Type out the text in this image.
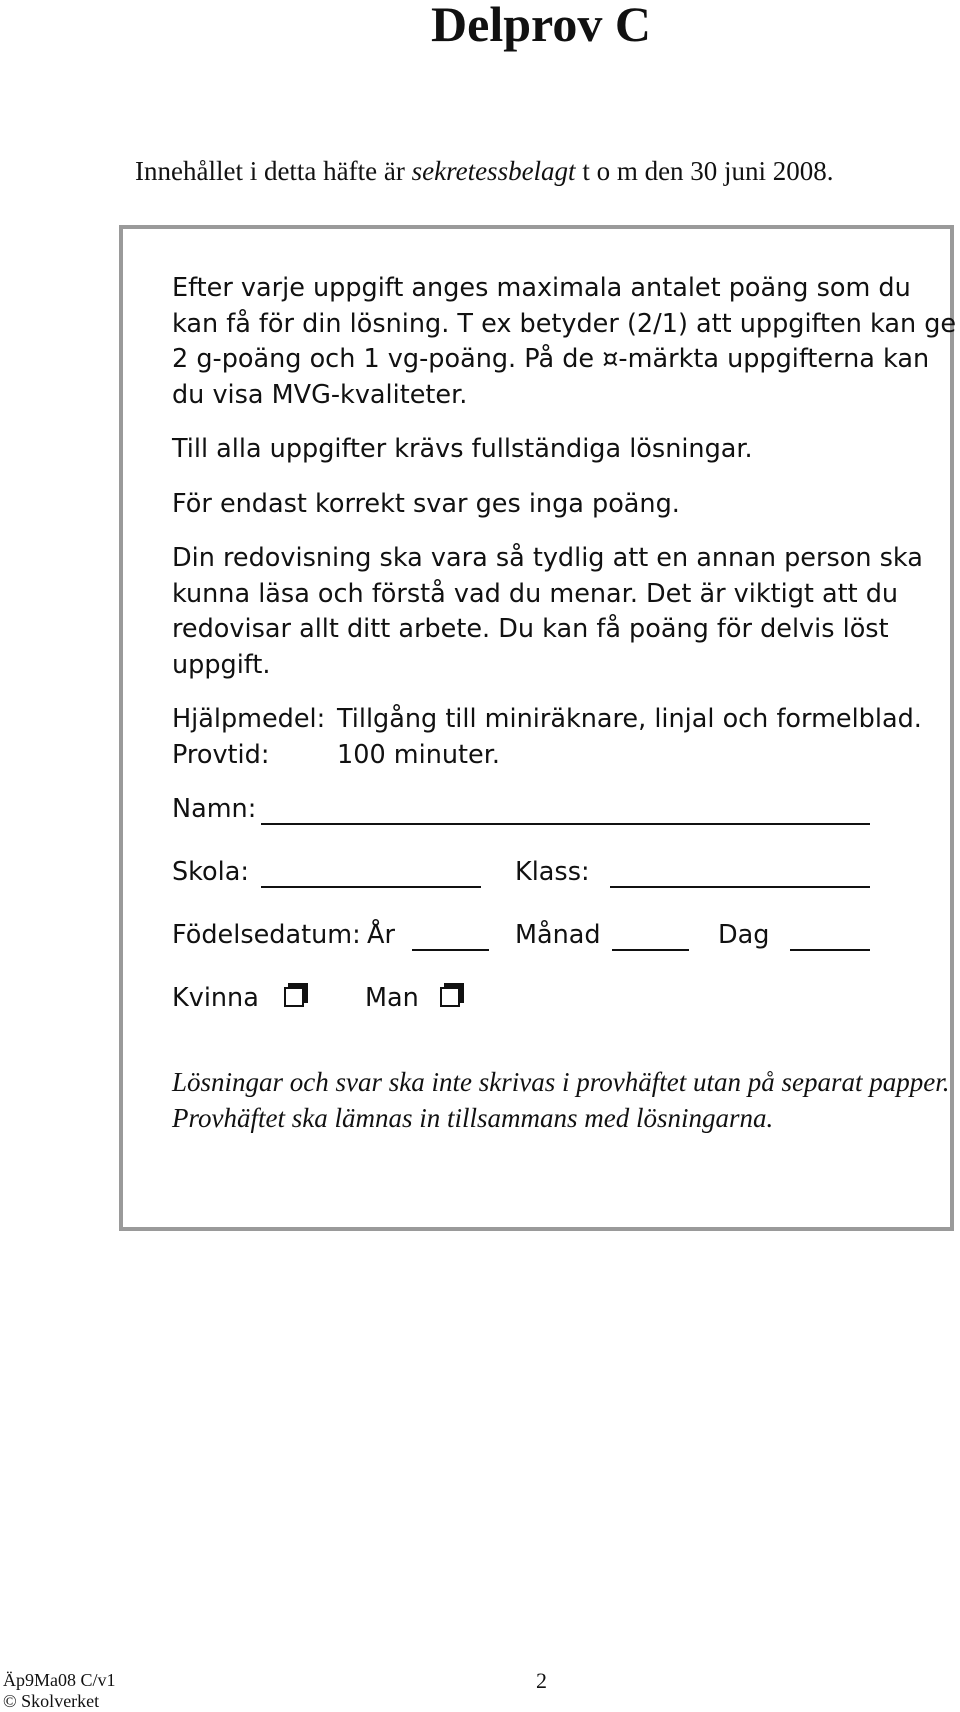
Delprov C

Innehållet i detta häfte är sekretessbelagt t o m den 30 juni 2008.

Efter varje uppgift anges maximala antalet poäng som du kan få för din lösning. T ex betyder (2/1) att uppgiften kan ge 2 g-poäng och 1 vg-poäng. På de ¤-märkta uppgifterna kan du visa MVG-kvaliteter.

Till alla uppgifter krävs fullständiga lösningar.

För endast korrekt svar ges inga poäng.

Din redovisning ska vara så tydlig att en annan person ska kunna läsa och förstå vad du menar. Det är viktigt att du redovisar allt ditt arbete. Du kan få poäng för delvis löst uppgift.

Hjälpmedel: Tillgång till miniräknare, linjal och formelblad.
Provtid:	100 minuter.
Namn:
Skola:	Klass:
Födelsedatum: År	Månad	Dag
Kvinna	Man

Lösningar och svar ska inte skrivas i provhäftet utan på separat papper. Provhäftet ska lämnas in tillsammans med lösningarna.

Äp9Ma08 C/v1
© Skolverket
2
